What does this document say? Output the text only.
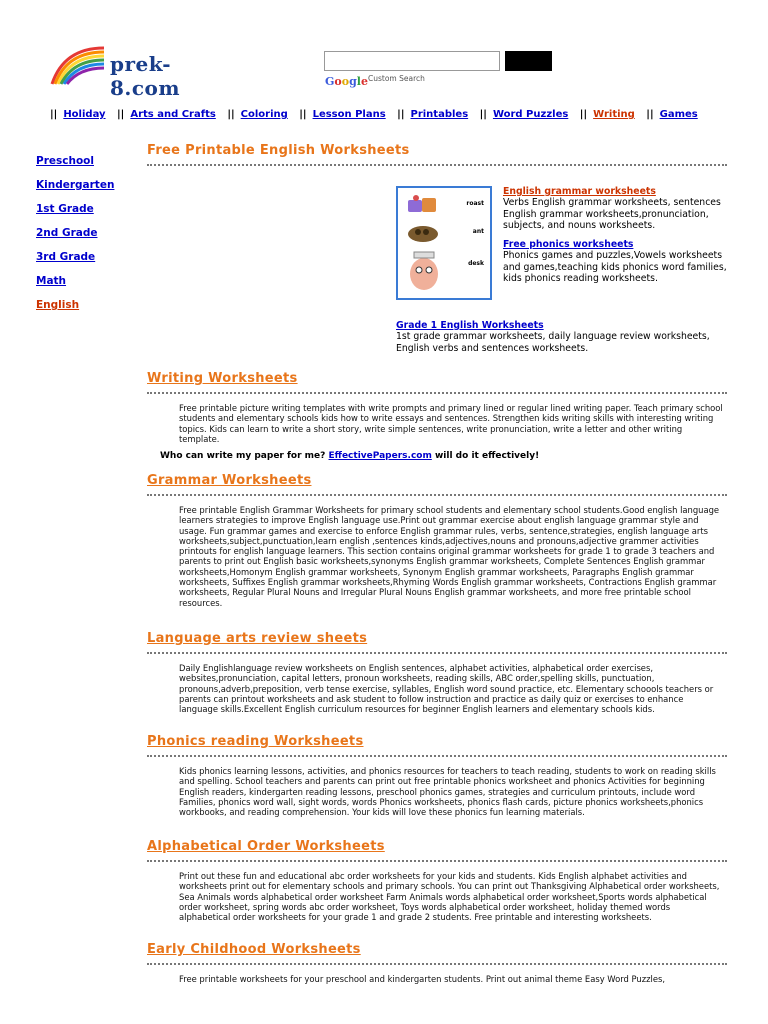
prek-8.com	Google$^{Custom Search}$
|| Holiday || Arts and Crafts || Coloring || Lesson Plans || Printables || Word Puzzles || Writing || Games
Preschool
Kindergarten
1st Grade
2nd Grade
3rd Grade
Math
English
Free Printable English Worksheets
roast
ant
desk
English grammar worksheets
Verbs English grammar worksheets, sentences English grammar worksheets,pronunciation, subjects, and nouns worksheets.
Free phonics worksheets
Phonics games and puzzles,Vowels worksheets and games,teaching kids phonics word families, kids phonics reading worksheets.
Grade 1 English Worksheets
1st grade grammar worksheets, daily language review worksheets, English verbs and sentences worksheets.
Writing Worksheets
Free printable picture writing templates with write prompts and primary lined or regular lined writing paper. Teach primary school students and elementary schools kids how to write essays and sentences. Strengthen kids writing skills with interesting writing topics. Kids can learn to write a short story, write simple sentences, write pronunciation, write a letter and other writing template.
Who can write my paper for me? EffectivePapers.com will do it effectively!
Grammar Worksheets
Free printable English Grammar Worksheets for primary school students and elementary school students.Good english language learners strategies to improve English language use.Print out grammar exercise about english language grammar style and usage. Fun grammar games and exercise to enforce English grammar rules, verbs, sentence,strategies, english language arts worksheets,subject,punctuation,learn english ,sentences kinds,adjectives,nouns and pronouns,adjective grammer activities printouts for english language learners. This section contains original grammar worksheets for grade 1 to grade 3 teachers and parents to print out English basic worksheets,synonyms English grammar worksheets, Complete Sentences English grammar worksheets,Homonym English grammar worksheets, Synonym English grammar worksheets, Paragraphs English grammar worksheets, Suffixes English grammar worksheets,Rhyming Words English grammar worksheets, Contractions English grammar worksheets, Regular Plural Nouns and Irregular Plural Nouns English grammar worksheets, and more free printable school resources.
Language arts review sheets
Daily Englishlanguage review worksheets on English sentences, alphabet activities, alphabetical order exercises, websites,pronunciation, capital letters, pronoun worksheets, reading skills, ABC order,spelling skills, punctuation, pronouns,adverb,preposition, verb tense exercise, syllables, English word sound practice, etc. Elementary schoools teachers or parents can printout worksheets and ask student to follow instruction and practice as daily quiz or exercises to enhance language skills.Excellent English curriculum resources for beginner English learners and elementary schools kids.
Phonics reading Worksheets
Kids phonics learning lessons, activities, and phonics resources for teachers to teach reading, students to work on reading skills and spelling. School teachers and parents can print out free printable phonics worksheet and phonics Activities for beginning English readers, kindergarten reading lessons, preschool phonics games, strategies and curriculum printouts, include word Families, phonics word wall, sight words, words Phonics worksheets, phonics flash cards, picture phonics worksheets,phonics workbooks, and reading comprehension. Your kids will love these phonics fun learning materials.
Alphabetical Order Worksheets
Print out these fun and educational abc order worksheets for your kids and students. Kids English alphabet activities and worksheets print out for elementary schools and primary schools. You can print out Thanksgiving Alphabetical order worksheets, Sea Animals words alphabetical order worksheet Farm Animals words alphabetical order worksheet,Sports words alphabetical order worksheet, spring words abc order worksheet, Toys words alphabetical order worksheet, holiday themed words alphabetical order worksheets for your grade 1 and grade 2 students. Free printable and interesting worksheets.
Early Childhood Worksheets
Free printable worksheets for your preschool and kindergarten students. Print out animal theme Easy Word Puzzles,
